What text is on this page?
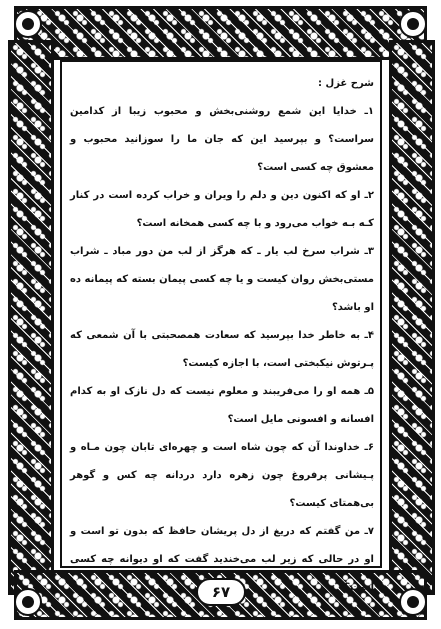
شرح غزل :
۱ـ خدایا این شمع روشنی‌بخش و محبوب زیبا از کدامین سراست؟ و بپرسید این که جان ما را سوزانید محبوب و معشوق چه کسی است؟
۲ـ او که اکنون دین و دلم را ویران و خراب کرده است در کنار کـه بـه خواب می‌رود و با چه کسی همخانه است؟
۳ـ شراب سرخ لب یار ـ که هرگز از لب من دور مباد ـ شراب مستی‌بخش روان کیست و یا چه کسی پیمان بسته که پیمانه ده او باشد؟
۴ـ به خاطر خدا بپرسید که سعادت همصحبتی با آن شمعی که پـرتوش نیکبختی است، با اجازه کیست؟
۵ـ همه او را می‌فریبند و معلوم نیست که دل نازک او به کدام افسانه و افسونی مایل است؟
۶ـ خداوندا آن که چون شاه است و چهره‌ای تابان چون مـاه و پـیشانی پرفروغ چون زهره دارد دردانه چه کس و گوهر بی‌همتای کیست؟
۷ـ من گفتم که دریغ از دل پریشان حافظ که بدون تو است و او در حالی که زیر لب می‌خندید گفت که او دیوانه چه کسی است؟
۶۷
